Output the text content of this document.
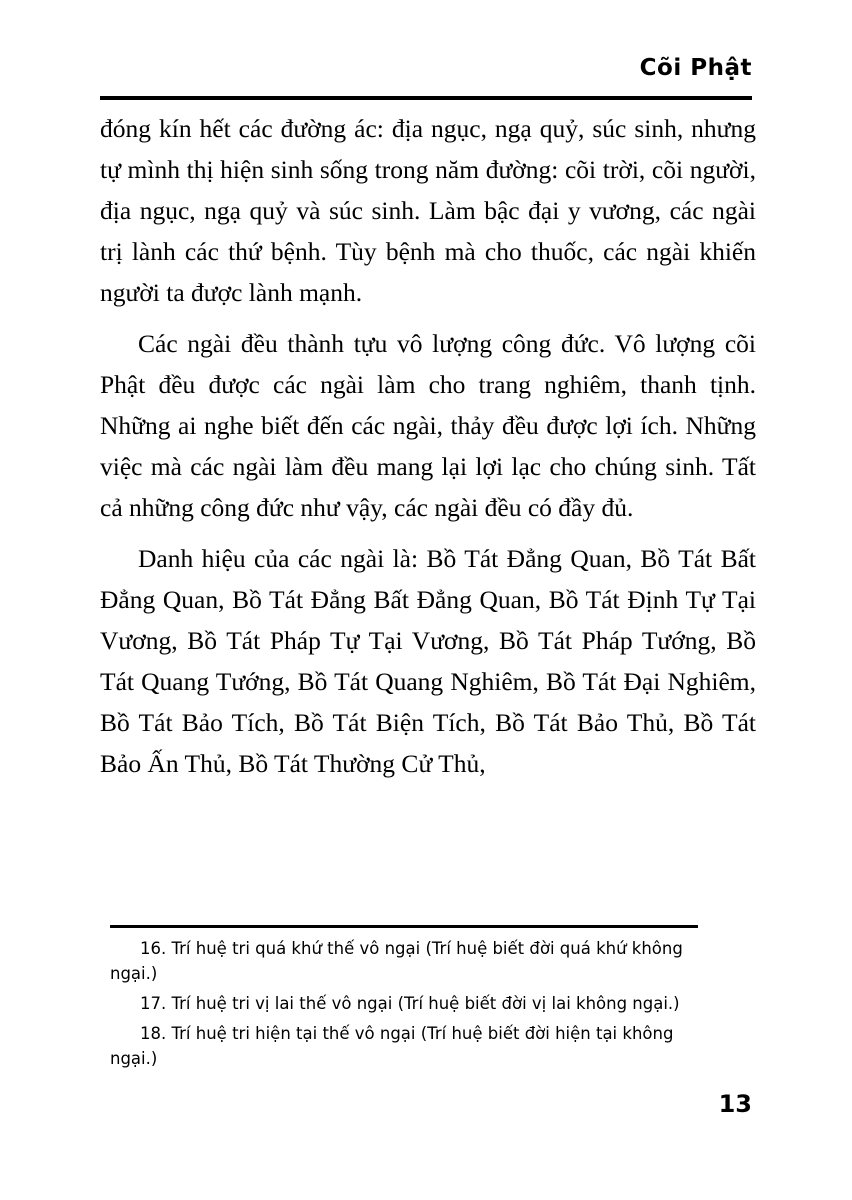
Cõi Phật

đóng kín hết các đường ác: địa ngục, ngạ quỷ, súc sinh, nhưng tự mình thị hiện sinh sống trong năm đường: cõi trời, cõi người, địa ngục, ngạ quỷ và súc sinh. Làm bậc đại y vương, các ngài trị lành các thứ bệnh. Tùy bệnh mà cho thuốc, các ngài khiến người ta được lành mạnh.

Các ngài đều thành tựu vô lượng công đức. Vô lượng cõi Phật đều được các ngài làm cho trang nghiêm, thanh tịnh. Những ai nghe biết đến các ngài, thảy đều được lợi ích. Những việc mà các ngài làm đều mang lại lợi lạc cho chúng sinh. Tất cả những công đức như vậy, các ngài đều có đầy đủ.

Danh hiệu của các ngài là: Bồ Tát Đẳng Quan, Bồ Tát Bất Đẳng Quan, Bồ Tát Đẳng Bất Đẳng Quan, Bồ Tát Định Tự Tại Vương, Bồ Tát Pháp Tự Tại Vương, Bồ Tát Pháp Tướng, Bồ Tát Quang Tướng, Bồ Tát Quang Nghiêm, Bồ Tát Đại Nghiêm, Bồ Tát Bảo Tích, Bồ Tát Biện Tích, Bồ Tát Bảo Thủ, Bồ Tát Bảo Ấn Thủ, Bồ Tát Thường Cử Thủ,

16. Trí huệ tri quá khứ thế vô ngại (Trí huệ biết đời quá khứ không ngại.)

17. Trí huệ tri vị lai thế vô ngại (Trí huệ biết đời vị lai không ngại.)

18. Trí huệ tri hiện tại thế vô ngại (Trí huệ biết đời hiện tại không ngại.)

13
